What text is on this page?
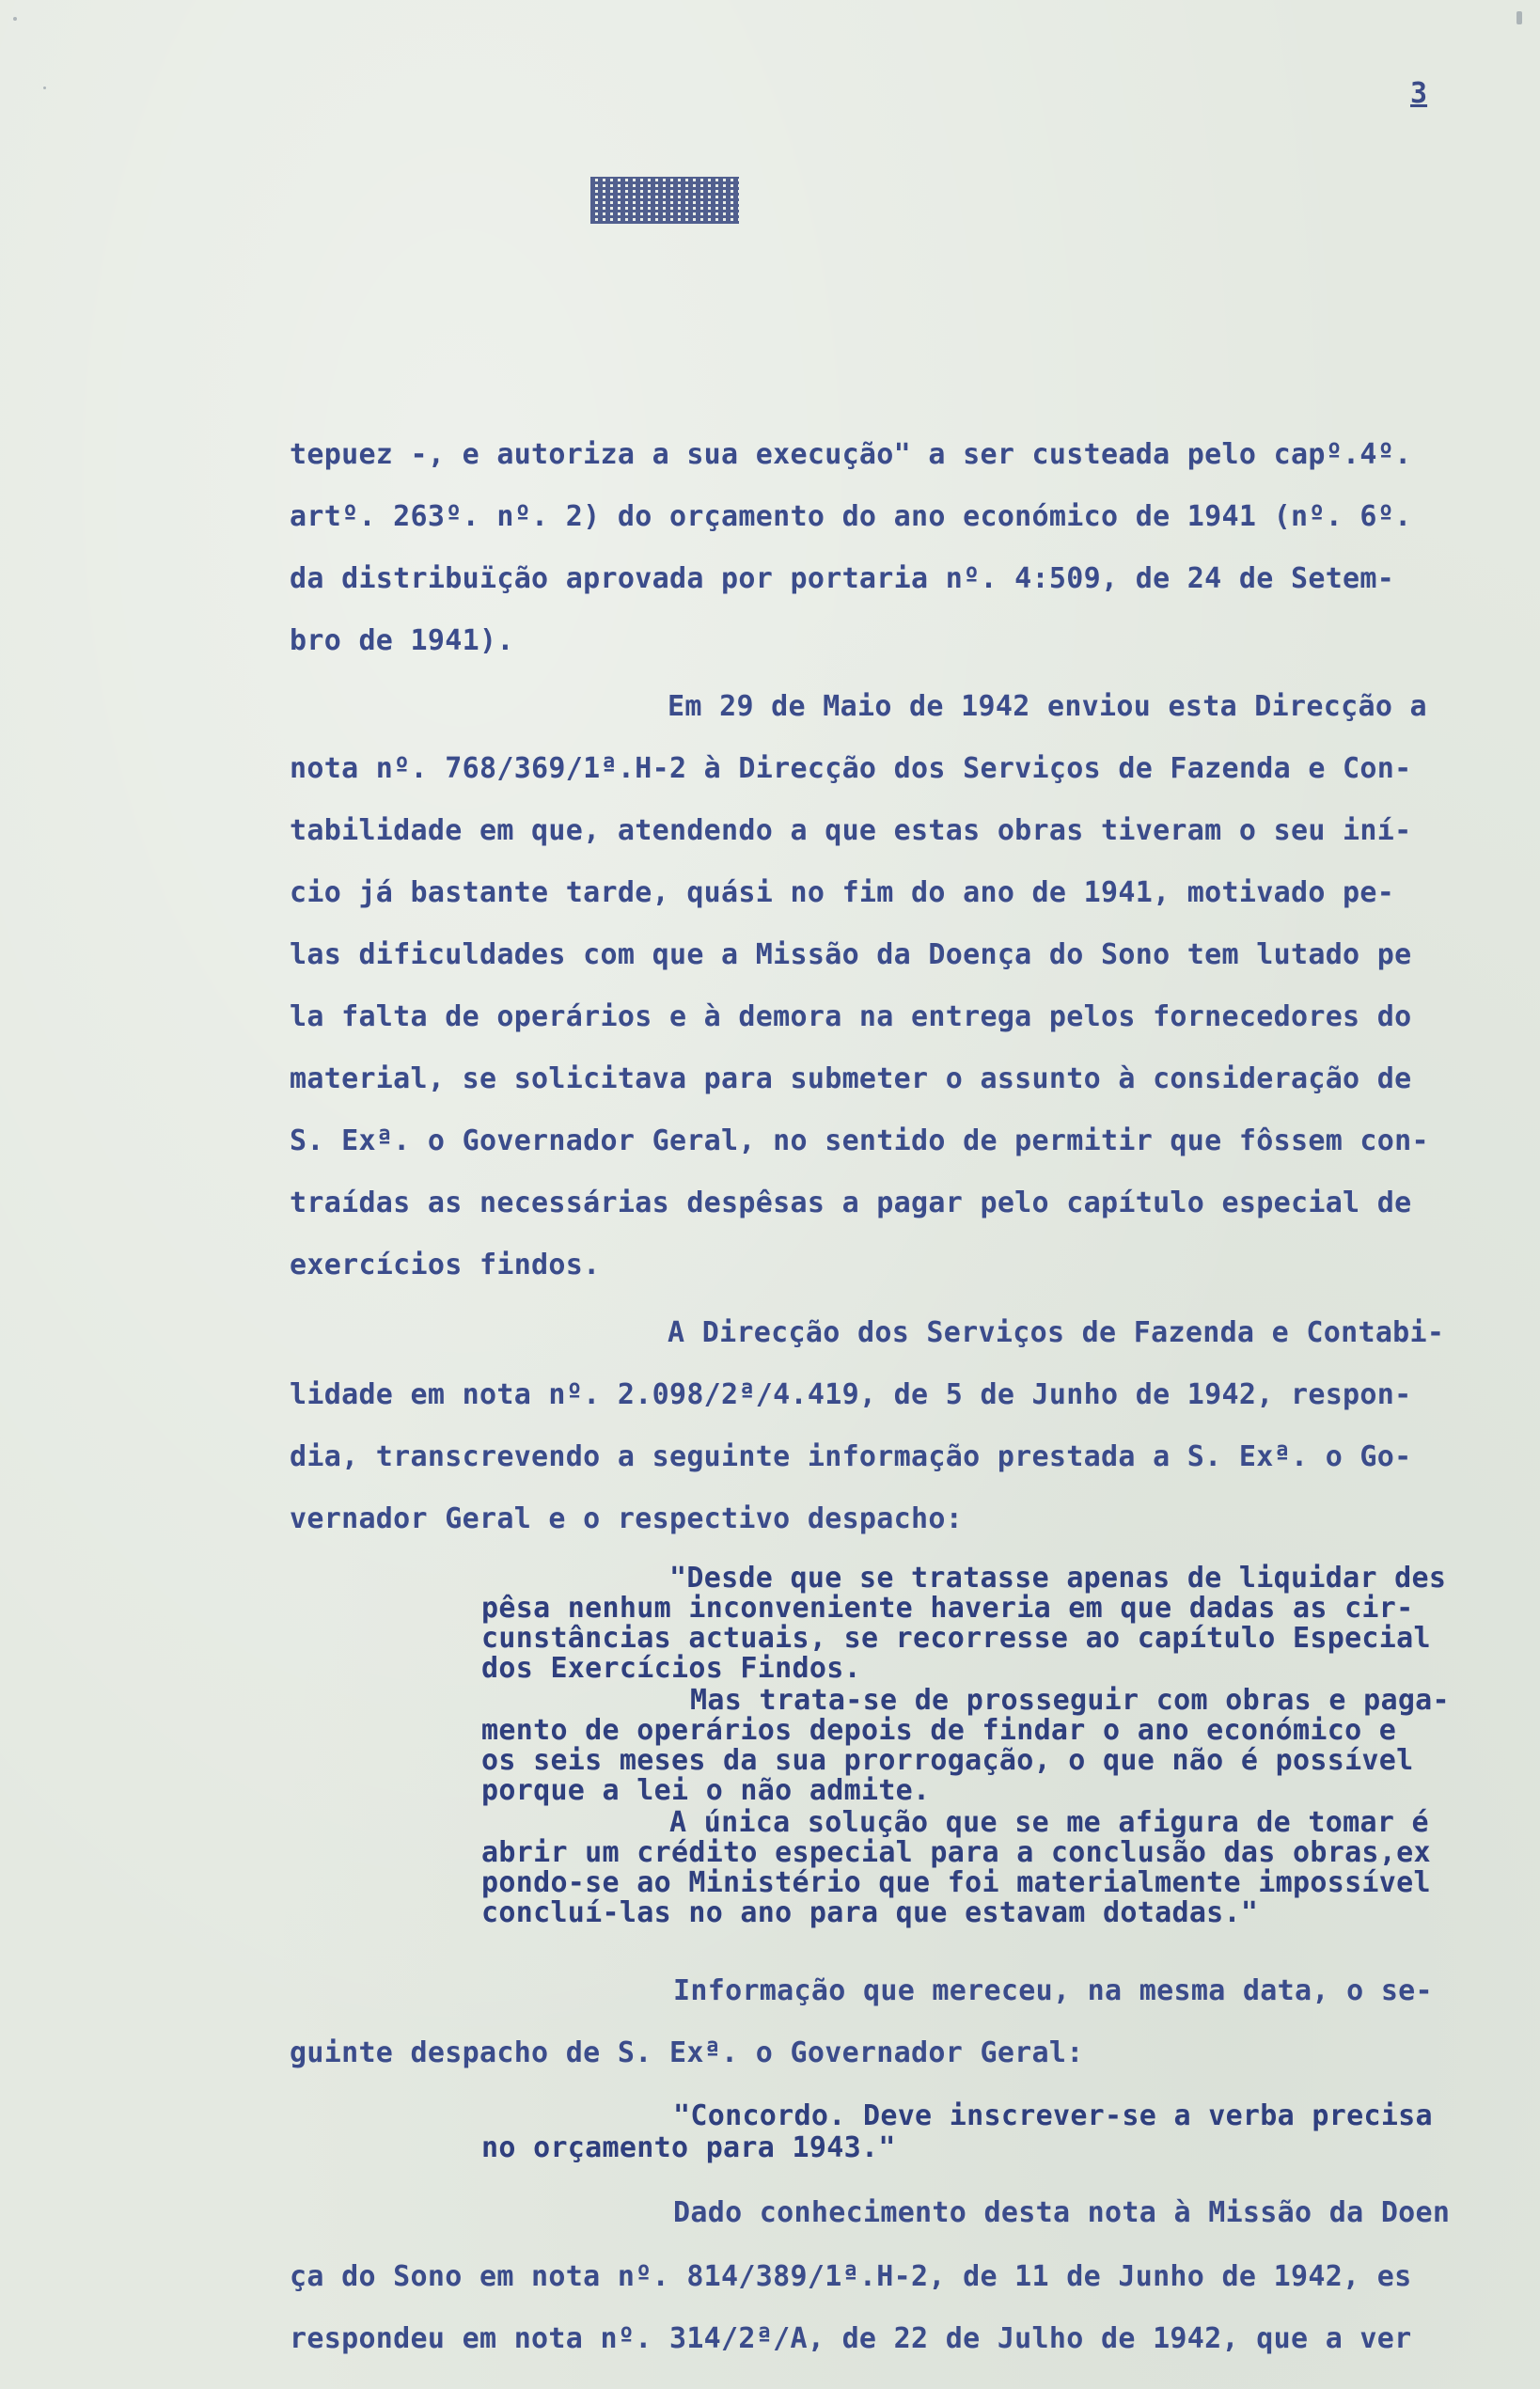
3
tepuez -, e autoriza a sua execução" a ser custeada pelo capº.4º.
artº. 263º. nº. 2) do orçamento do ano económico de 1941 (nº. 6º.
da distribuïção aprovada por portaria nº. 4:509, de 24 de Setem-
bro de 1941).
Em 29 de Maio de 1942 enviou esta Direcção a
nota nº. 768/369/1ª.H-2 à Direcção dos Serviços de Fazenda e Con-
tabilidade em que, atendendo a que estas obras tiveram o seu iní-
cio já bastante tarde, quási no fim do ano de 1941, motivado pe-
las dificuldades com que a Missão da Doença do Sono tem lutado pe
la falta de operários e à demora na entrega pelos fornecedores do
material, se solicitava para submeter o assunto à consideração de
S. Exª. o Governador Geral, no sentido de permitir que fôssem con-
traídas as necessárias despêsas a pagar pelo capítulo especial de
exercícios findos.
A Direcção dos Serviços de Fazenda e Contabi-
lidade em nota nº. 2.098/2ª/4.419, de 5 de Junho de 1942, respon-
dia, transcrevendo a seguinte informação prestada a S. Exª. o Go-
vernador Geral e o respectivo despacho:
"Desde que se tratasse apenas de liquidar des
pêsa nenhum inconveniente haveria em que dadas as cir-
cunstâncias actuais, se recorresse ao capítulo Especial
dos Exercícios Findos.
Mas trata-se de prosseguir com obras e paga-
mento de operários depois de findar o ano económico e
os seis meses da sua prorrogação, o que não é possível
porque a lei o não admite.
A única solução que se me afigura de tomar é
abrir um crédito especial para a conclusão das obras,ex
pondo-se ao Ministério que foi materialmente impossível
concluí-las no ano para que estavam dotadas."
Informação que mereceu, na mesma data, o se-
guinte despacho de S. Exª. o Governador Geral:
"Concordo. Deve inscrever-se a verba precisa
no orçamento para 1943."
Dado conhecimento desta nota à Missão da Doen
ça do Sono em nota nº. 814/389/1ª.H-2, de 11 de Junho de 1942, es
respondeu em nota nº. 314/2ª/A, de 22 de Julho de 1942, que a ver
